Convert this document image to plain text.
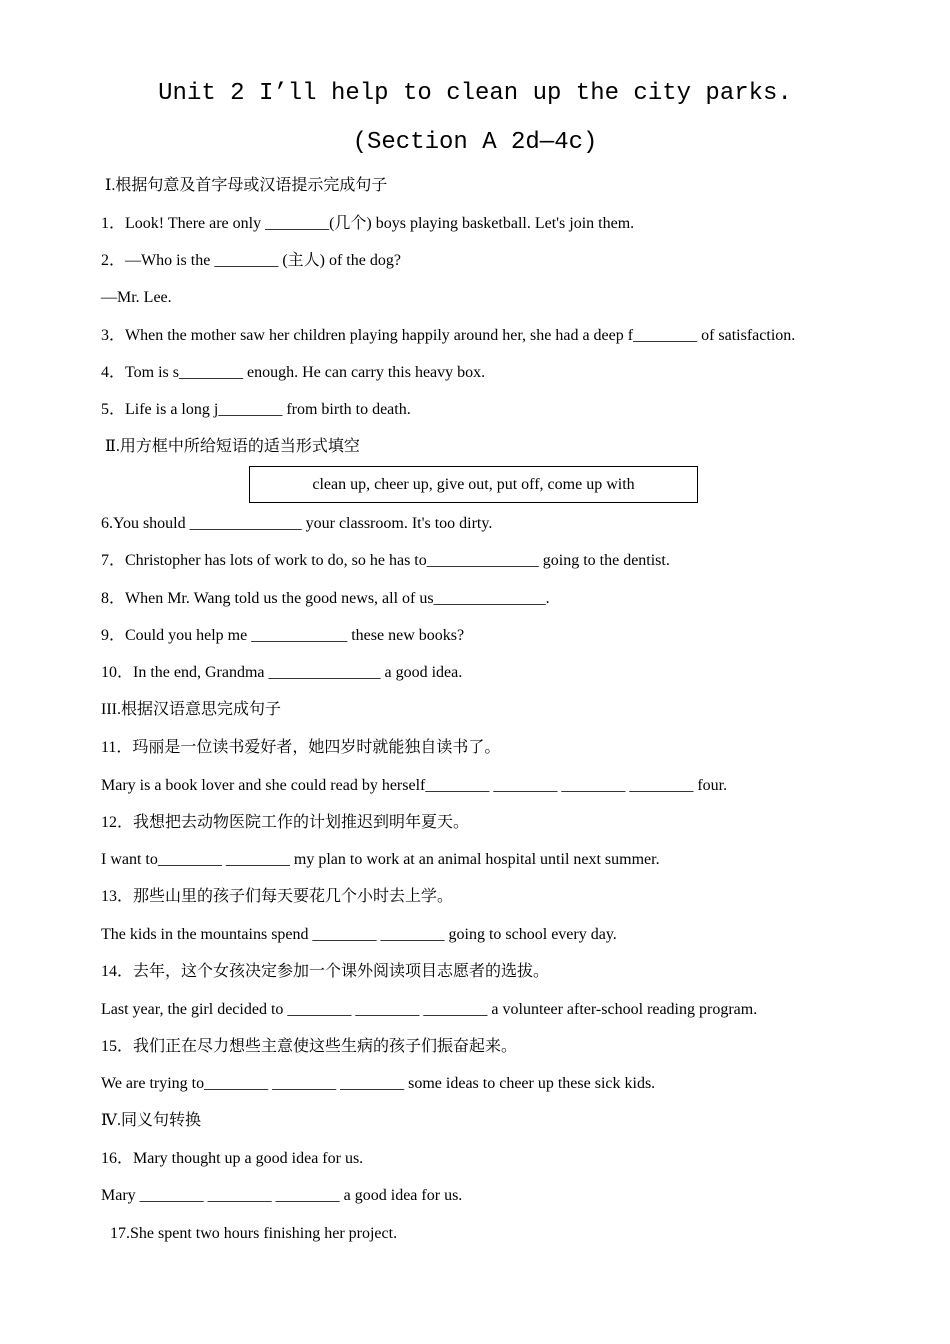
Unit 2 I’ll help to clean up the city parks.
(Section A 2d—4c)
Ⅰ.根据句意及首字母或汉语提示完成句子
1．Look! There are only ________(几个) boys playing basketball. Let's join them.
2．—Who is the ________ (主人) of the dog?
—Mr. Lee.
3．When the mother saw her children playing happily around her, she had a deep f________ of satisfaction.
4．Tom is s________ enough. He can carry this heavy box.
5．Life is a long j________ from birth to death.
Ⅱ.用方框中所给短语的适当形式填空
clean up, cheer up, give out, put off, come up with
6.You should ______________ your classroom. It's too dirty.
7．Christopher has lots of work to do, so he has to______________ going to the dentist.
8．When Mr. Wang told us the good news, all of us______________.
9．Could you help me ____________ these new books?
10．In the end, Grandma ______________ a good idea.
III.根据汉语意思完成句子
11．玛丽是一位读书爱好者，她四岁时就能独自读书了。
Mary is a book lover and she could read by herself________ ________ ________ ________ four.
12．我想把去动物医院工作的计划推迟到明年夏天。
I want to________ ________ my plan to work at an animal hospital until next summer.
13．那些山里的孩子们每天要花几个小时去上学。
The kids in the mountains spend ________ ________ going to school every day.
14．去年，这个女孩决定参加一个课外阅读项目志愿者的选拔。
Last year, the girl decided to ________ ________ ________ a volunteer after-school reading program.
15．我们正在尽力想些主意使这些生病的孩子们振奋起来。
We are trying to________ ________ ________ some ideas to cheer up these sick kids.
Ⅳ.同义句转换
16．Mary thought up a good idea for us.
Mary ________ ________ ________ a good idea for us.
17.She spent two hours finishing her project.
